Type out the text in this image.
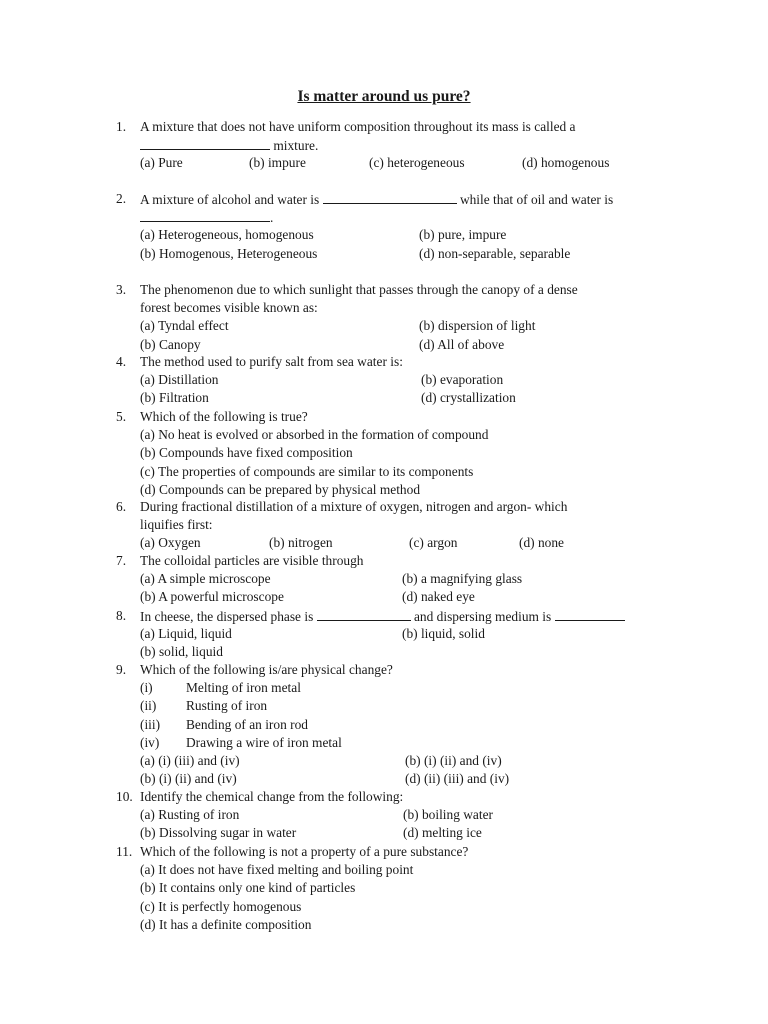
Is matter around us pure?
1. A mixture that does not have uniform composition throughout its mass is called a
mixture.
(a) Pure	(b) impure	(c) heterogeneous	(d) homogenous
2. A mixture of alcohol and water is	while that of oil and water is
.
(a) Heterogeneous, homogenous	(b) pure, impure
(b) Homogenous, Heterogeneous	(d) non-separable, separable
3. The phenomenon due to which sunlight that passes through the canopy of a dense
forest becomes visible known as:
(a) Tyndal effect	(b) dispersion of light
(b) Canopy	(d) All of above
4. The method used to purify salt from sea water is:
(a) Distillation	(b) evaporation
(b) Filtration	(d) crystallization
5. Which of the following is true?
(a) No heat is evolved or absorbed in the formation of compound
(b) Compounds have fixed composition
(c) The properties of compounds are similar to its components
(d) Compounds can be prepared by physical method
6. During fractional distillation of a mixture of oxygen, nitrogen and argon- which
liquifies first:
(a) Oxygen	(b) nitrogen	(c) argon	(d) none
7. The colloidal particles are visible through
(a) A simple microscope	(b) a magnifying glass
(b) A powerful microscope	(d) naked eye
8. In cheese, the dispersed phase is	and dispersing medium is
(a) Liquid, liquid	(b) liquid, solid
(b) solid, liquid
9. Which of the following is/are physical change?
(i) Melting of iron metal
(ii) Rusting of iron
(iii) Bending of an iron rod
(iv) Drawing a wire of iron metal
(a) (i) (iii) and (iv)	(b) (i) (ii) and (iv)
(b) (i) (ii) and (iv)	(d) (ii) (iii) and (iv)
10. Identify the chemical change from the following:
(a) Rusting of iron	(b) boiling water
(b) Dissolving sugar in water	(d) melting ice
11. Which of the following is not a property of a pure substance?
(a) It does not have fixed melting and boiling point
(b) It contains only one kind of particles
(c) It is perfectly homogenous
(d) It has a definite composition
